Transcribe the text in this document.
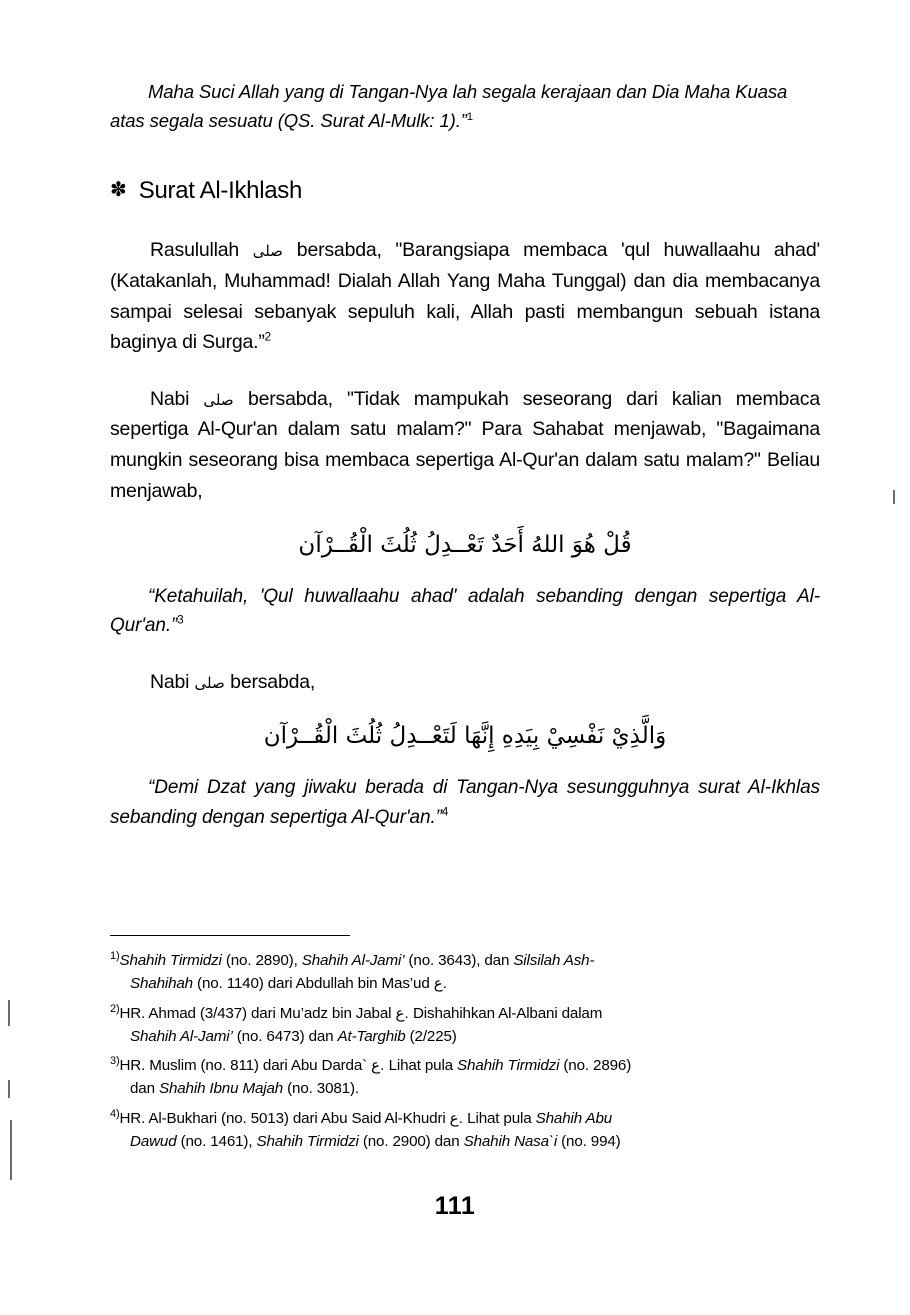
Maha Suci Allah yang di Tangan-Nya lah segala kerajaan dan Dia Maha Kuasa atas segala sesuatu (QS. Surat Al-Mulk: 1).”$^1$

✽ Surat Al-Ikhlash

Rasulullah صلى bersabda, "Barangsiapa membaca 'qul huwallaahu ahad' (Katakanlah, Muhammad! Dialah Allah Yang Maha Tunggal) dan dia membacanya sampai selesai sebanyak sepuluh kali, Allah pasti membangun sebuah istana baginya di Surga.”$^2$

Nabi صلى bersabda, "Tidak mampukah seseorang dari kalian membaca sepertiga Al-Qur'an dalam satu malam?" Para Sahabat menjawab, "Bagaimana mungkin seseorang bisa membaca sepertiga Al-Qur'an dalam satu malam?" Beliau menjawab,

قُلْ هُوَ اللهُ أَحَدٌ تَعْــدِلُ ثُلُثَ الْقُــرْآن

“Ketahuilah, 'Qul huwallaahu ahad' adalah sebanding dengan sepertiga Al-Qur'an.”$^3$

Nabi صلى bersabda,

وَالَّذِيْ نَفْسِيْ بِيَدِهِ إِنَّهَا لَتَعْــدِلُ ثُلُثَ الْقُــرْآن

“Demi Dzat yang jiwaku berada di Tangan-Nya sesungguhnya surat Al-Ikhlas sebanding dengan sepertiga Al-Qur'an.”$^4$

$^{1)}$Shahih Tirmidzi (no. 2890), Shahih Al-Jami’ (no. 3643), dan Silsilah Ash-
Shahihah (no. 1140) dari Abdullah bin Mas’ud ع.
$^{2)}$HR. Ahmad (3/437) dari Mu’adz bin Jabal ع. Dishahihkan Al-Albani dalam
Shahih Al-Jami’ (no. 6473) dan At-Targhib (2/225)
$^{3)}$HR. Muslim (no. 811) dari Abu Darda` ع. Lihat pula Shahih Tirmidzi (no. 2896)
dan Shahih Ibnu Majah (no. 3081).
$^{4)}$HR. Al-Bukhari (no. 5013) dari Abu Said Al-Khudri ع. Lihat pula Shahih Abu
Dawud (no. 1461), Shahih Tirmidzi (no. 2900) dan Shahih Nasa`i (no. 994)
111
